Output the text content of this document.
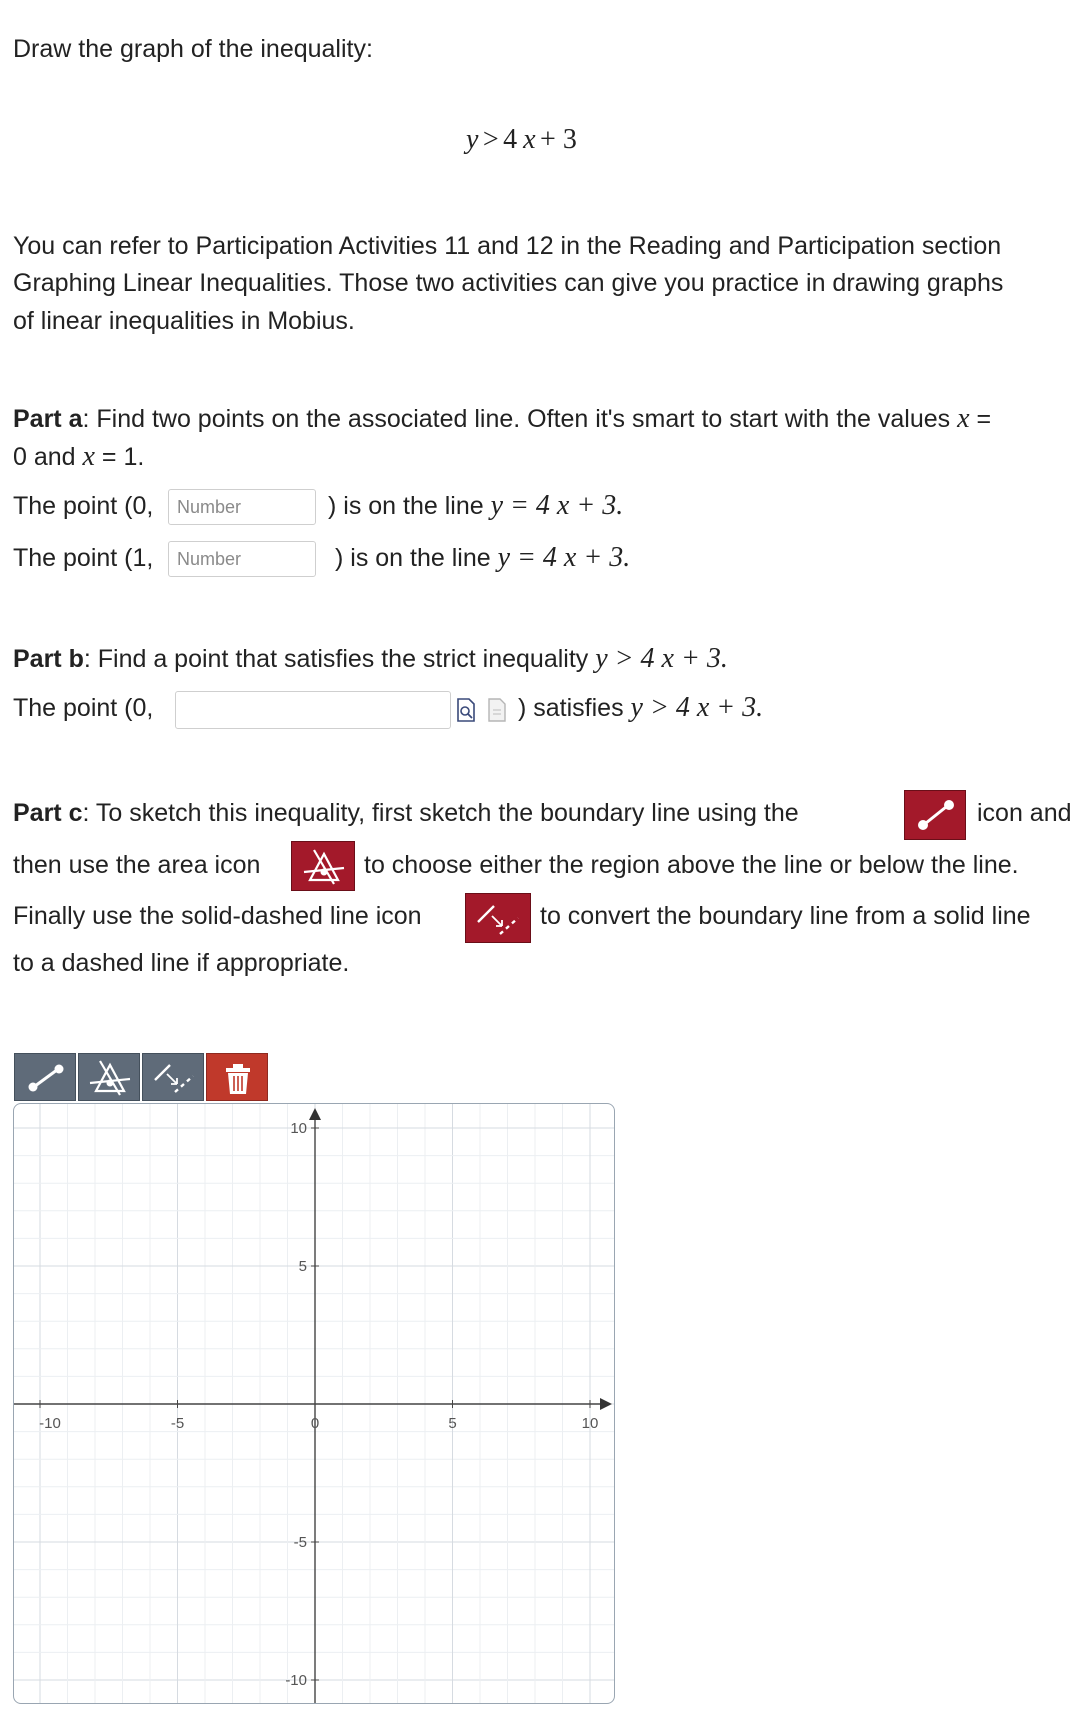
Draw the graph of the inequality:
y > 4 x + 3
You can refer to Participation Activities 11 and 12 in the Reading and Participation section
Graphing Linear Inequalities. Those two activities can give you practice in drawing graphs
of linear inequalities in Mobius.
Part a: Find two points on the associated line. Often it's smart to start with the values x =
0 and x = 1.
The point (0,
Number	) is on the line y = 4 x + 3.
The point (1,
Number	) is on the line y = 4 x + 3.
Part b: Find a point that satisfies the strict inequality y > 4 x + 3.
The point (0,	) satisfies y > 4 x + 3.
Part c: To sketch this inequality, first sketch the boundary line using the	icon and
then use the area icon	to choose either the region above the line or below the line.
Finally use the solid-dashed line icon	to convert the boundary line from a solid line
to a dashed line if appropriate.
-10	-5	0	5	10
10
5
-5
-10
